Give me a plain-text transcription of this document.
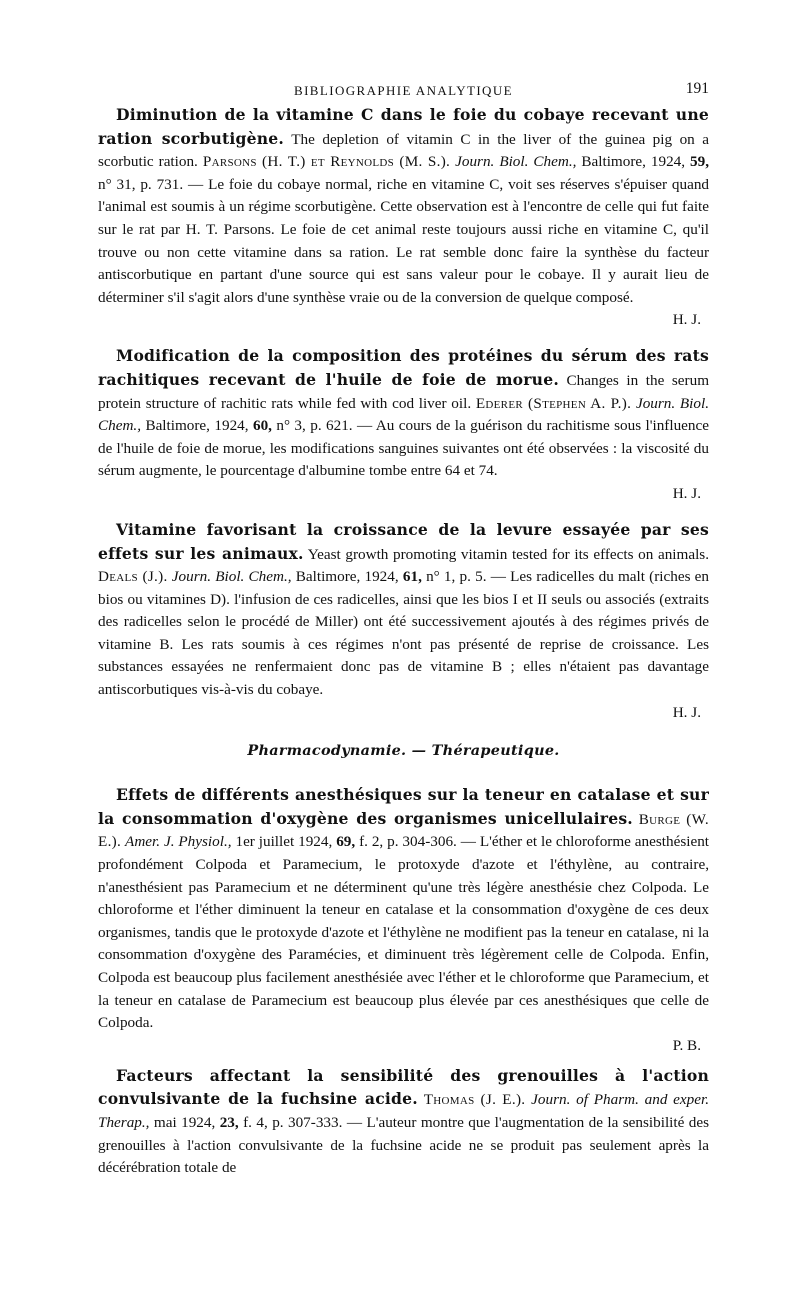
BIBLIOGRAPHIE ANALYTIQUE	191

Diminution de la vitamine C dans le foie du cobaye recevant une ration scorbutigène. The depletion of vitamin C in the liver of the guinea pig on a scorbutic ration. Parsons (H. T.) et Reynolds (M. S.). Journ. Biol. Chem., Baltimore, 1924, 59, n° 31, p. 731. — Le foie du cobaye normal, riche en vitamine C, voit ses réserves s'épuiser quand l'animal est soumis à un régime scorbutigène. Cette observation est à l'encontre de celle qui fut faite sur le rat par H. T. Parsons. Le foie de cet animal reste toujours aussi riche en vitamine C, qu'il trouve ou non cette vitamine dans sa ration. Le rat semble donc faire la synthèse du facteur antiscorbutique en partant d'une source qui est sans valeur pour le cobaye. Il y aurait lieu de déterminer s'il s'agit alors d'une synthèse vraie ou de la conversion de quelque composé.

H. J.

Modification de la composition des protéines du sérum des rats rachitiques recevant de l'huile de foie de morue. Changes in the serum protein structure of rachitic rats while fed with cod liver oil. Ederer (Stephen A. P.). Journ. Biol. Chem., Baltimore, 1924, 60, n° 3, p. 621. — Au cours de la guérison du rachitisme sous l'influence de l'huile de foie de morue, les modifications sanguines suivantes ont été observées : la viscosité du sérum augmente, le pourcentage d'albumine tombe entre 64 et 74.

H. J.

Vitamine favorisant la croissance de la levure essayée par ses effets sur les animaux. Yeast growth promoting vitamin tested for its effects on animals. Deals (J.). Journ. Biol. Chem., Baltimore, 1924, 61, n° 1, p. 5. — Les radicelles du malt (riches en bios ou vitamines D). l'infusion de ces radicelles, ainsi que les bios I et II seuls ou associés (extraits des radicelles selon le procédé de Miller) ont été successivement ajoutés à des régimes privés de vitamine B. Les rats soumis à ces régimes n'ont pas présenté de reprise de croissance. Les substances essayées ne renfermaient donc pas de vitamine B ; elles n'étaient pas davantage antiscorbutiques vis-à-vis du cobaye.

H. J.

Pharmacodynamie. — Thérapeutique.

Effets de différents anesthésiques sur la teneur en catalase et sur la consommation d'oxygène des organismes unicellulaires. Burge (W. E.). Amer. J. Physiol., 1er juillet 1924, 69, f. 2, p. 304-306. — L'éther et le chloroforme anesthésient profondément Colpoda et Paramecium, le protoxyde d'azote et l'éthylène, au contraire, n'anesthésient pas Paramecium et ne déterminent qu'une très légère anesthésie chez Colpoda. Le chloroforme et l'éther diminuent la teneur en catalase et la consommation d'oxygène de ces deux organismes, tandis que le protoxyde d'azote et l'éthylène ne modifient pas la teneur en catalase, ni la consommation d'oxygène des Paramécies, et diminuent très légèrement celle de Colpoda. Enfin, Colpoda est beaucoup plus facilement anesthésiée avec l'éther et le chloroforme que Paramecium, et la teneur en catalase de Paramecium est beaucoup plus élevée par ces anesthésiques que celle de Colpoda.

P. B.

Facteurs affectant la sensibilité des grenouilles à l'action convulsivante de la fuchsine acide. Thomas (J. E.). Journ. of Pharm. and exper. Therap., mai 1924, 23, f. 4, p. 307-333. — L'auteur montre que l'augmentation de la sensibilité des grenouilles à l'action convulsivante de la fuchsine acide ne se produit pas seulement après la décérébration totale de
